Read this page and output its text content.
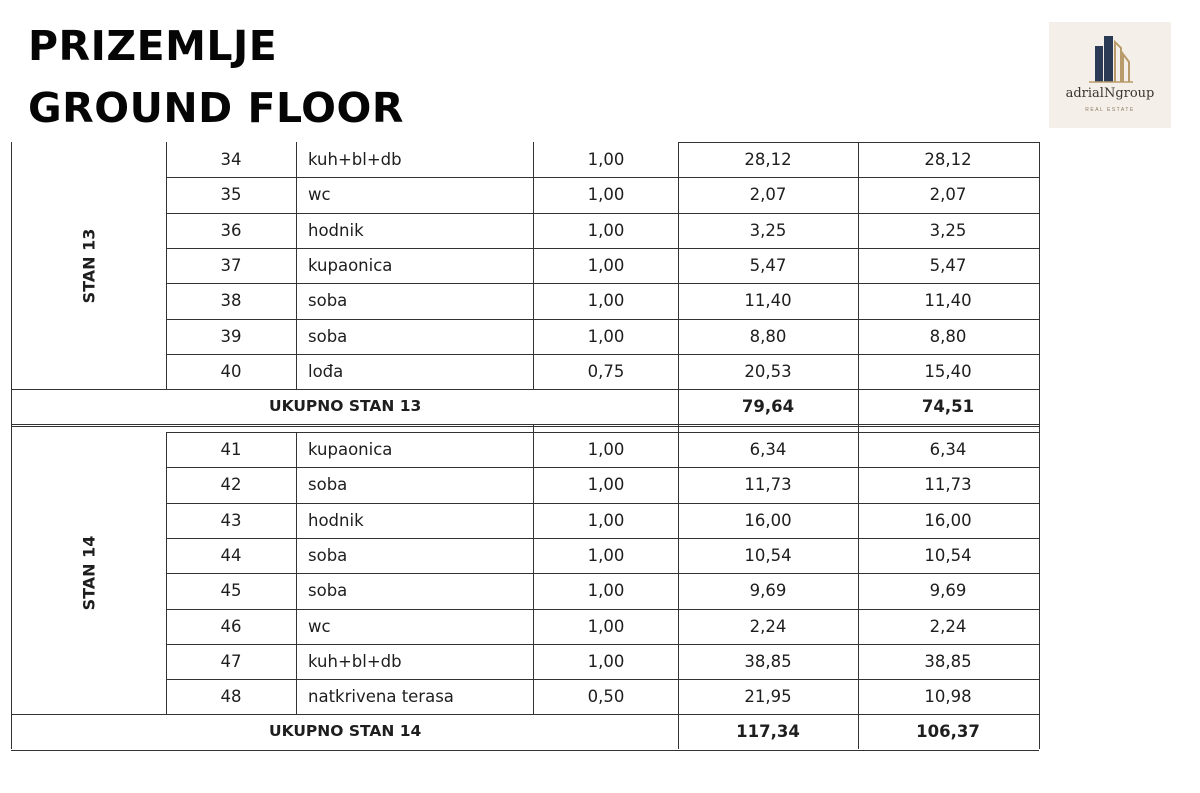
PRIZEMLJE
GROUND FLOOR	adrialNgroup
REAL ESTATE
STAN 13
34	kuh+bl+db	1,00	28,12	28,12
35	wc	1,00	2,07	2,07
36	hodnik	1,00	3,25	3,25
37	kupaonica	1,00	5,47	5,47
38	soba	1,00	11,40	11,40
39	soba	1,00	8,80	8,80
40	lođa	0,75	20,53	15,40
UKUPNO STAN 13	79,64	74,51
STAN 14
41	kupaonica	1,00	6,34	6,34
42	soba	1,00	11,73	11,73
43	hodnik	1,00	16,00	16,00
44	soba	1,00	10,54	10,54
45	soba	1,00	9,69	9,69
46	wc	1,00	2,24	2,24
47	kuh+bl+db	1,00	38,85	38,85
48	natkrivena terasa	0,50	21,95	10,98
UKUPNO STAN 14	117,34	106,37
